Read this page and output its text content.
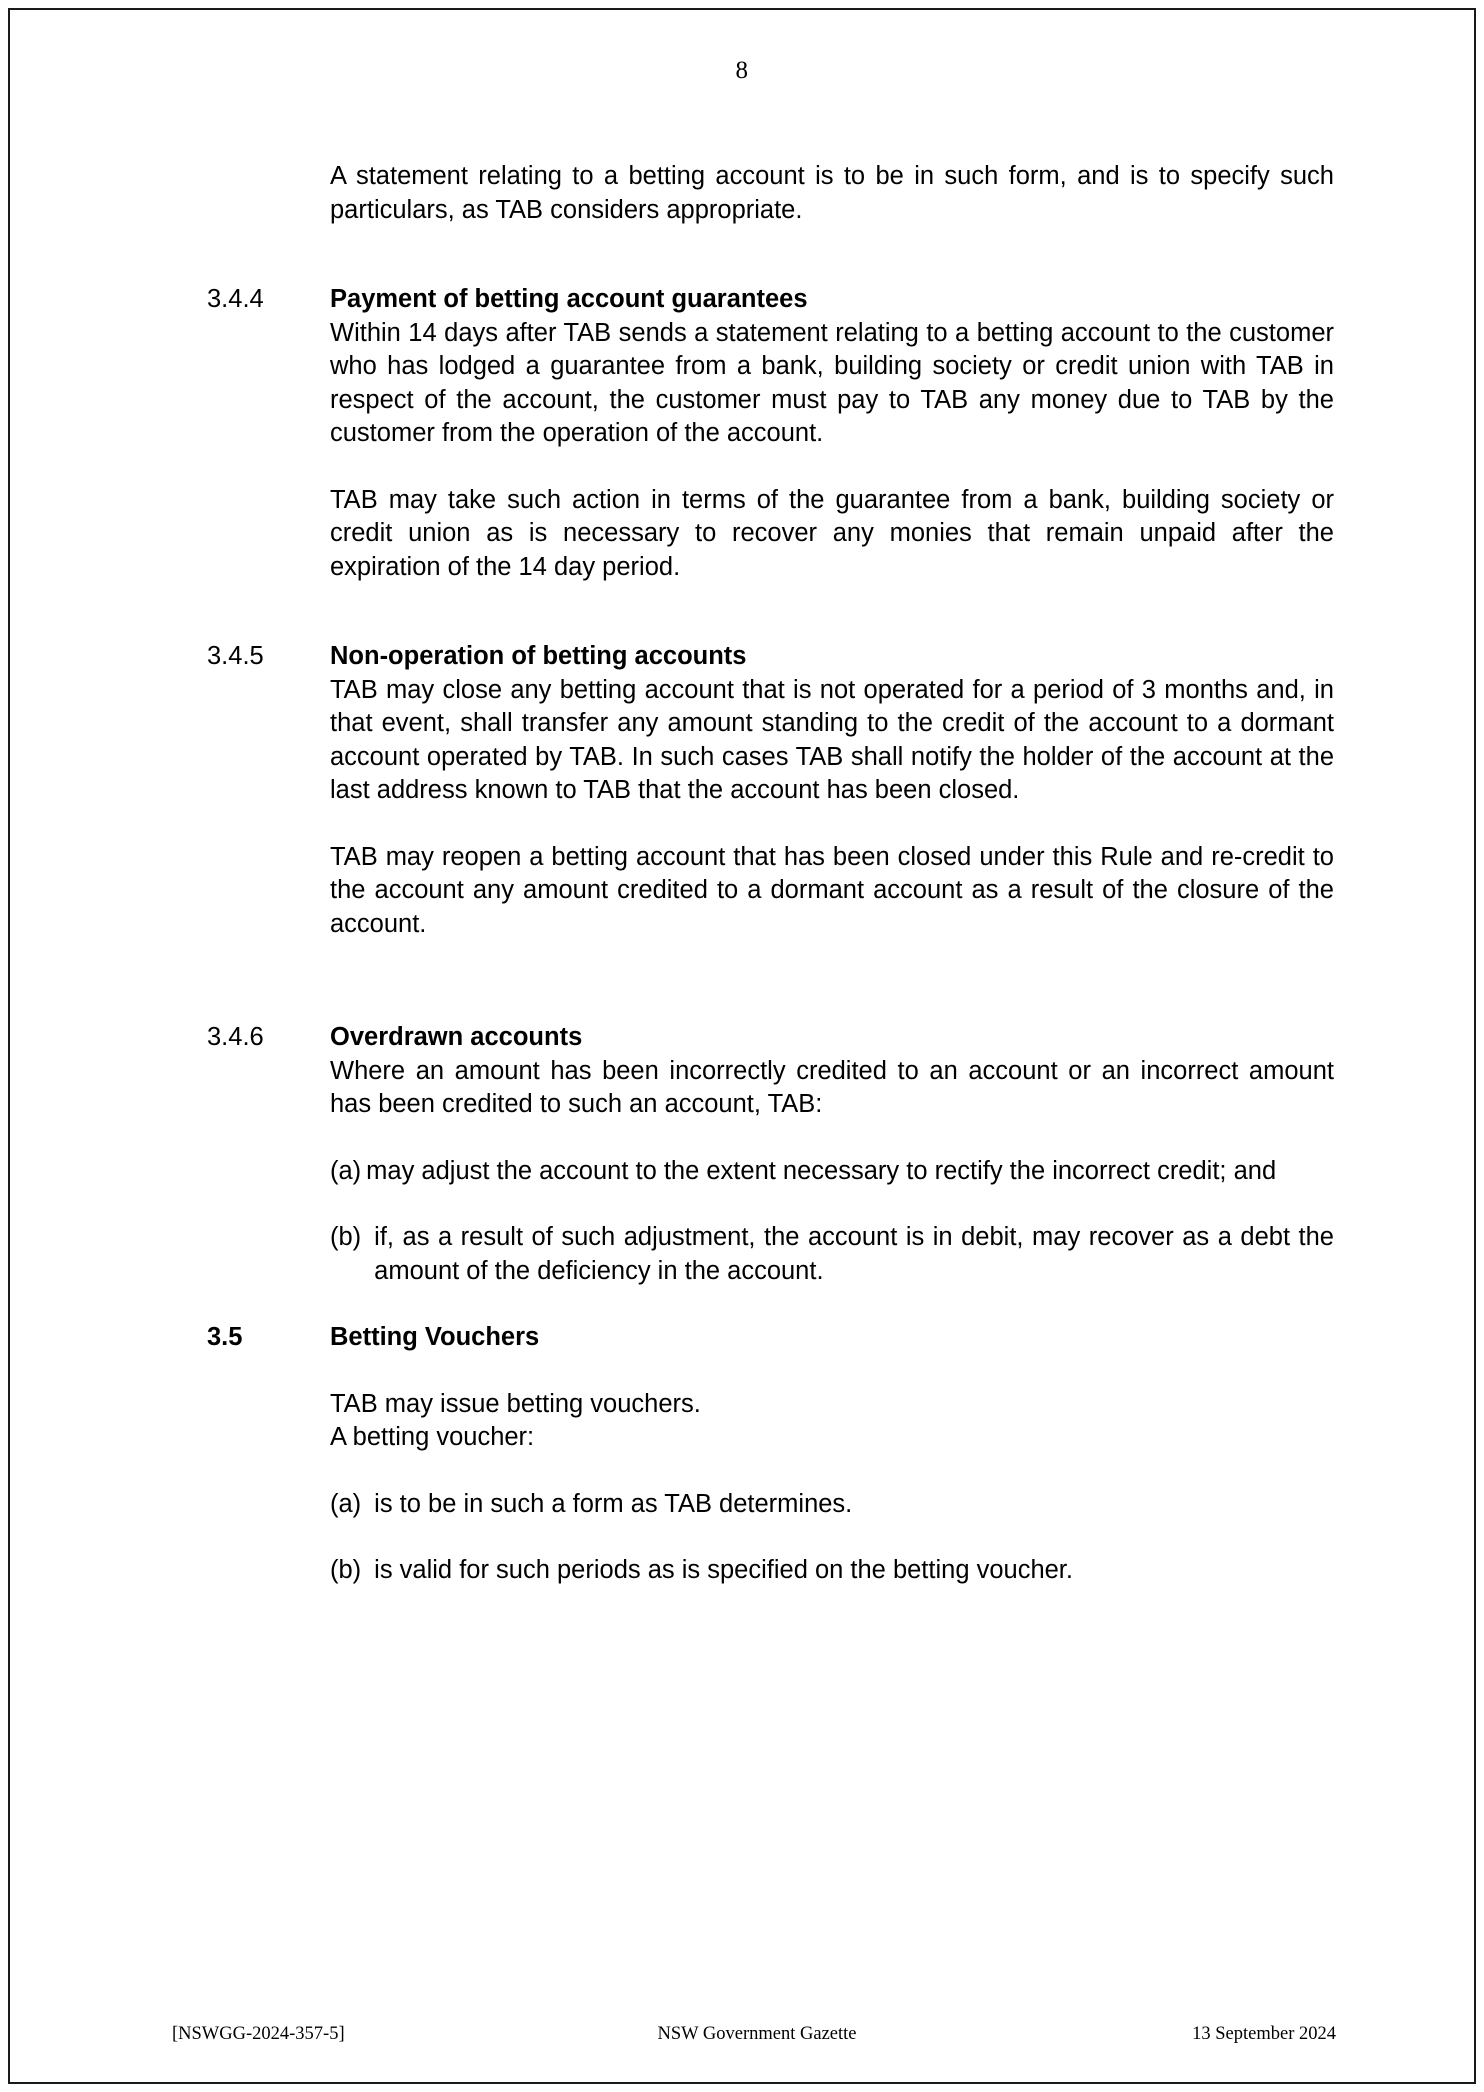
8

A statement relating to a betting account is to be in such form, and is to specify such particulars, as TAB considers appropriate.

3.4.4	Payment of betting account guarantees

Within 14 days after TAB sends a statement relating to a betting account to the customer who has lodged a guarantee from a bank, building society or credit union with TAB in respect of the account, the customer must pay to TAB any money due to TAB by the customer from the operation of the account.

TAB may take such action in terms of the guarantee from a bank, building society or credit union as is necessary to recover any monies that remain unpaid after the expiration of the 14 day period.

3.4.5	Non-operation of betting accounts

TAB may close any betting account that is not operated for a period of 3 months and, in that event, shall transfer any amount standing to the credit of the account to a dormant account operated by TAB. In such cases TAB shall notify the holder of the account at the last address known to TAB that the account has been closed.

TAB may reopen a betting account that has been closed under this Rule and re-credit to the account any amount credited to a dormant account as a result of the closure of the account.

3.4.6	Overdrawn accounts

Where an amount has been incorrectly credited to an account or an incorrect amount has been credited to such an account, TAB:

(a) may adjust the account to the extent necessary to rectify the incorrect credit; and
(b) if, as a result of such adjustment, the account is in debit, may recover as a debt the amount of the deficiency in the account.
3.5	Betting Vouchers

TAB may issue betting vouchers.

A betting voucher:

(a) is to be in such a form as TAB determines.
(b) is valid for such periods as is specified on the betting voucher.
[NSWGG-2024-357-5]	NSW Government Gazette	13 September 2024
